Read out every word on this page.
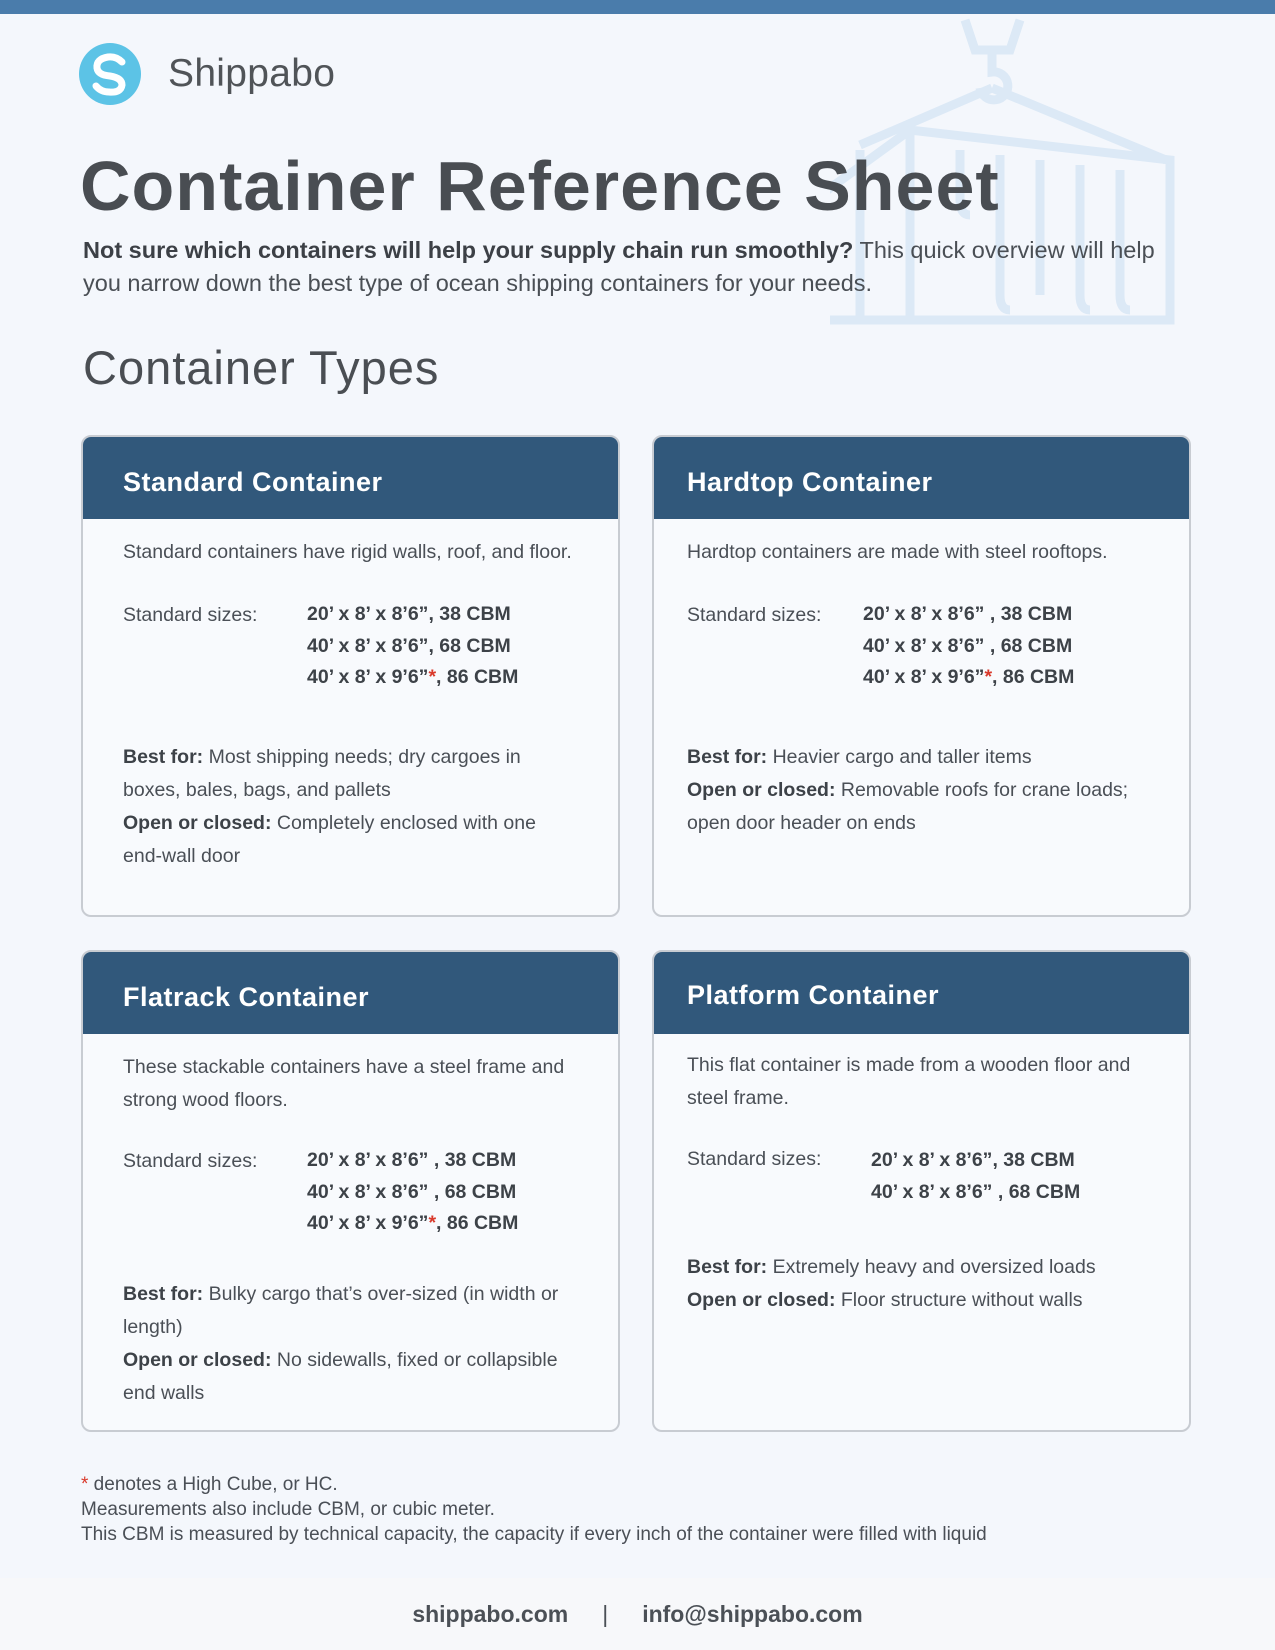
Shippabo
Container Reference Sheet

Not sure which containers will help your supply chain run smoothly? This quick overview will help you narrow down the best type of ocean shipping containers for your needs.

Container Types
Standard Container

Standard containers have rigid walls, roof, and floor.

Standard sizes:	20’ x 8’ x 8’6”, 38 CBM
40’ x 8’ x 8’6”, 68 CBM
40’ x 8’ x 9’6”*, 86 CBM
Best for: Most shipping needs; dry cargoes in boxes, bales, bags, and pallets
Open or closed: Completely enclosed with one end-wall door
Hardtop Container

Hardtop containers are made with steel rooftops.

Standard sizes:	20’ x 8’ x 8’6” , 38 CBM
40’ x 8’ x 8’6” , 68 CBM
40’ x 8’ x 9’6”*, 86 CBM
Best for: Heavier cargo and taller items
Open or closed: Removable roofs for crane loads; open door header on ends
Flatrack Container

These stackable containers have a steel frame and strong wood floors.

Standard sizes:	20’ x 8’ x 8’6” , 38 CBM
40’ x 8’ x 8’6” , 68 CBM
40’ x 8’ x 9’6”*, 86 CBM
Best for: Bulky cargo that’s over-sized (in width or length)
Open or closed: No sidewalls, fixed or collapsible end walls
Platform Container

This flat container is made from a wooden floor and steel frame.

Standard sizes:	20’ x 8’ x 8’6”, 38 CBM
40’ x 8’ x 8’6” , 68 CBM
Best for: Extremely heavy and oversized loads
Open or closed: Floor structure without walls
* denotes a High Cube, or HC.
Measurements also include CBM, or cubic meter.
This CBM is measured by technical capacity, the capacity if every inch of the container were filled with liquid
shippabo.com | info@shippabo.com
